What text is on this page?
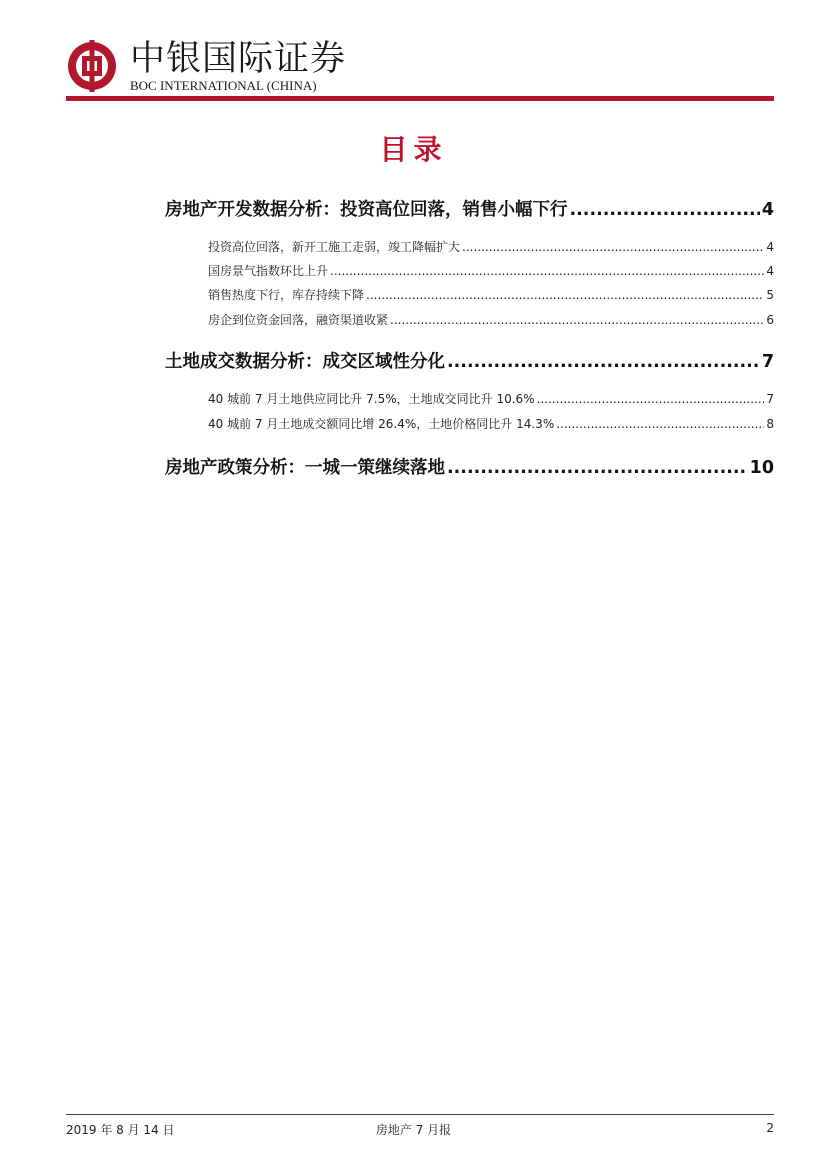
中银国际证券
BOC INTERNATIONAL (CHINA)
目录
房地产开发数据分析：投资高位回落，销售小幅下行 .....	4
投资高位回落，新开工施工走弱，竣工降幅扩大 .....	4
国房景气指数环比上升 .....	4
销售热度下行，库存持续下降 .....	5
房企到位资金回落，融资渠道收紧 .....	6
土地成交数据分析：成交区域性分化 .....	7
40 城前 7 月土地供应同比升 7.5%，土地成交同比升 10.6% .....	7
40 城前 7 月土地成交额同比增 26.4%，土地价格同比升 14.3% .....	8
房地产政策分析：一城一策继续落地 .....	10
2019 年 8 月 14 日	房地产 7 月报	2
